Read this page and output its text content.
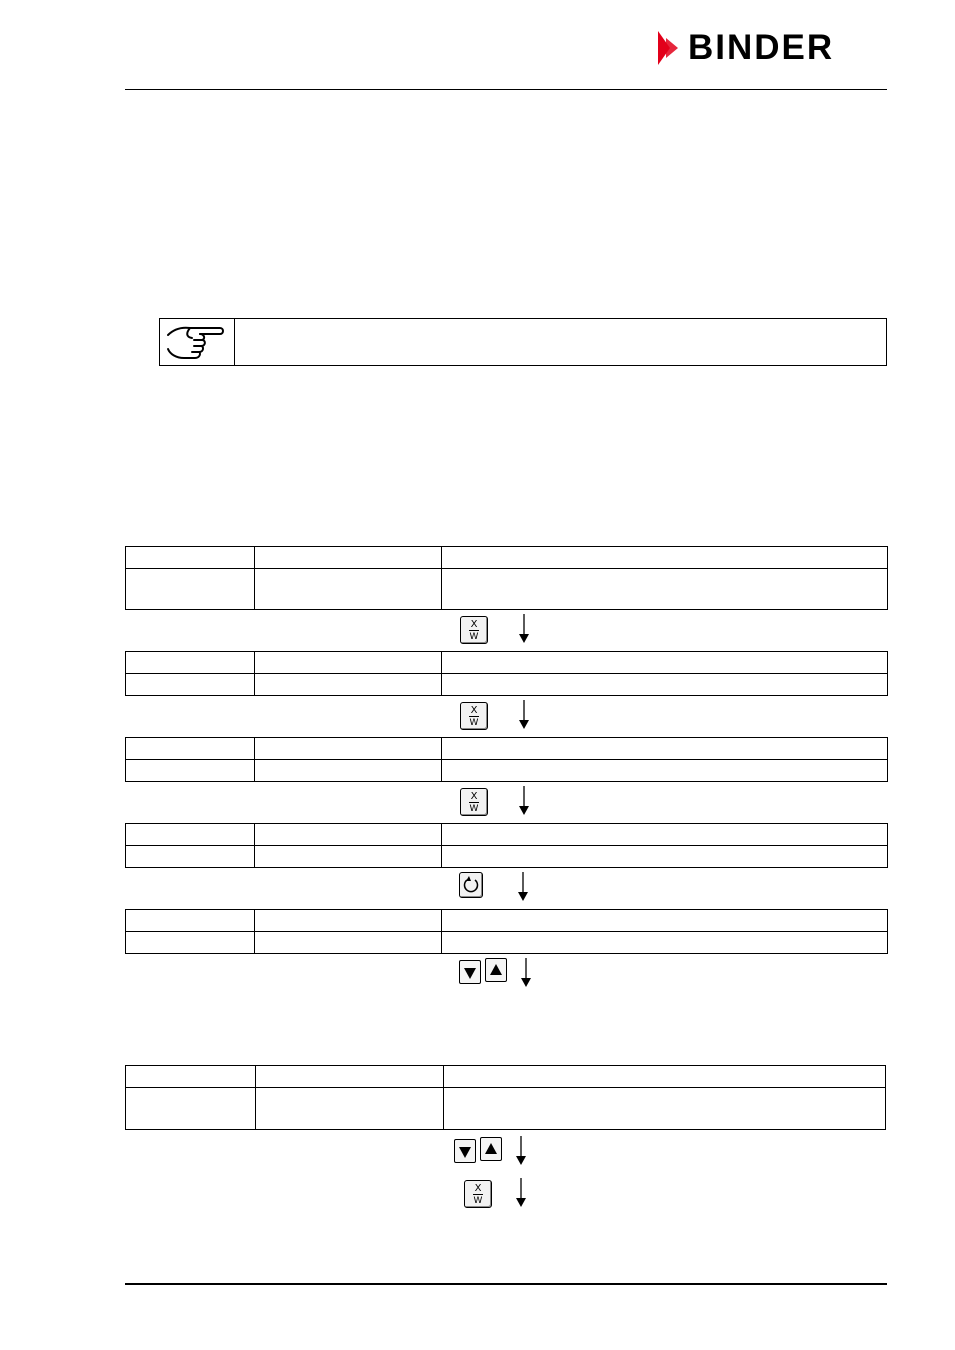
BINDER

X
W

X
W

X
W

X
W
